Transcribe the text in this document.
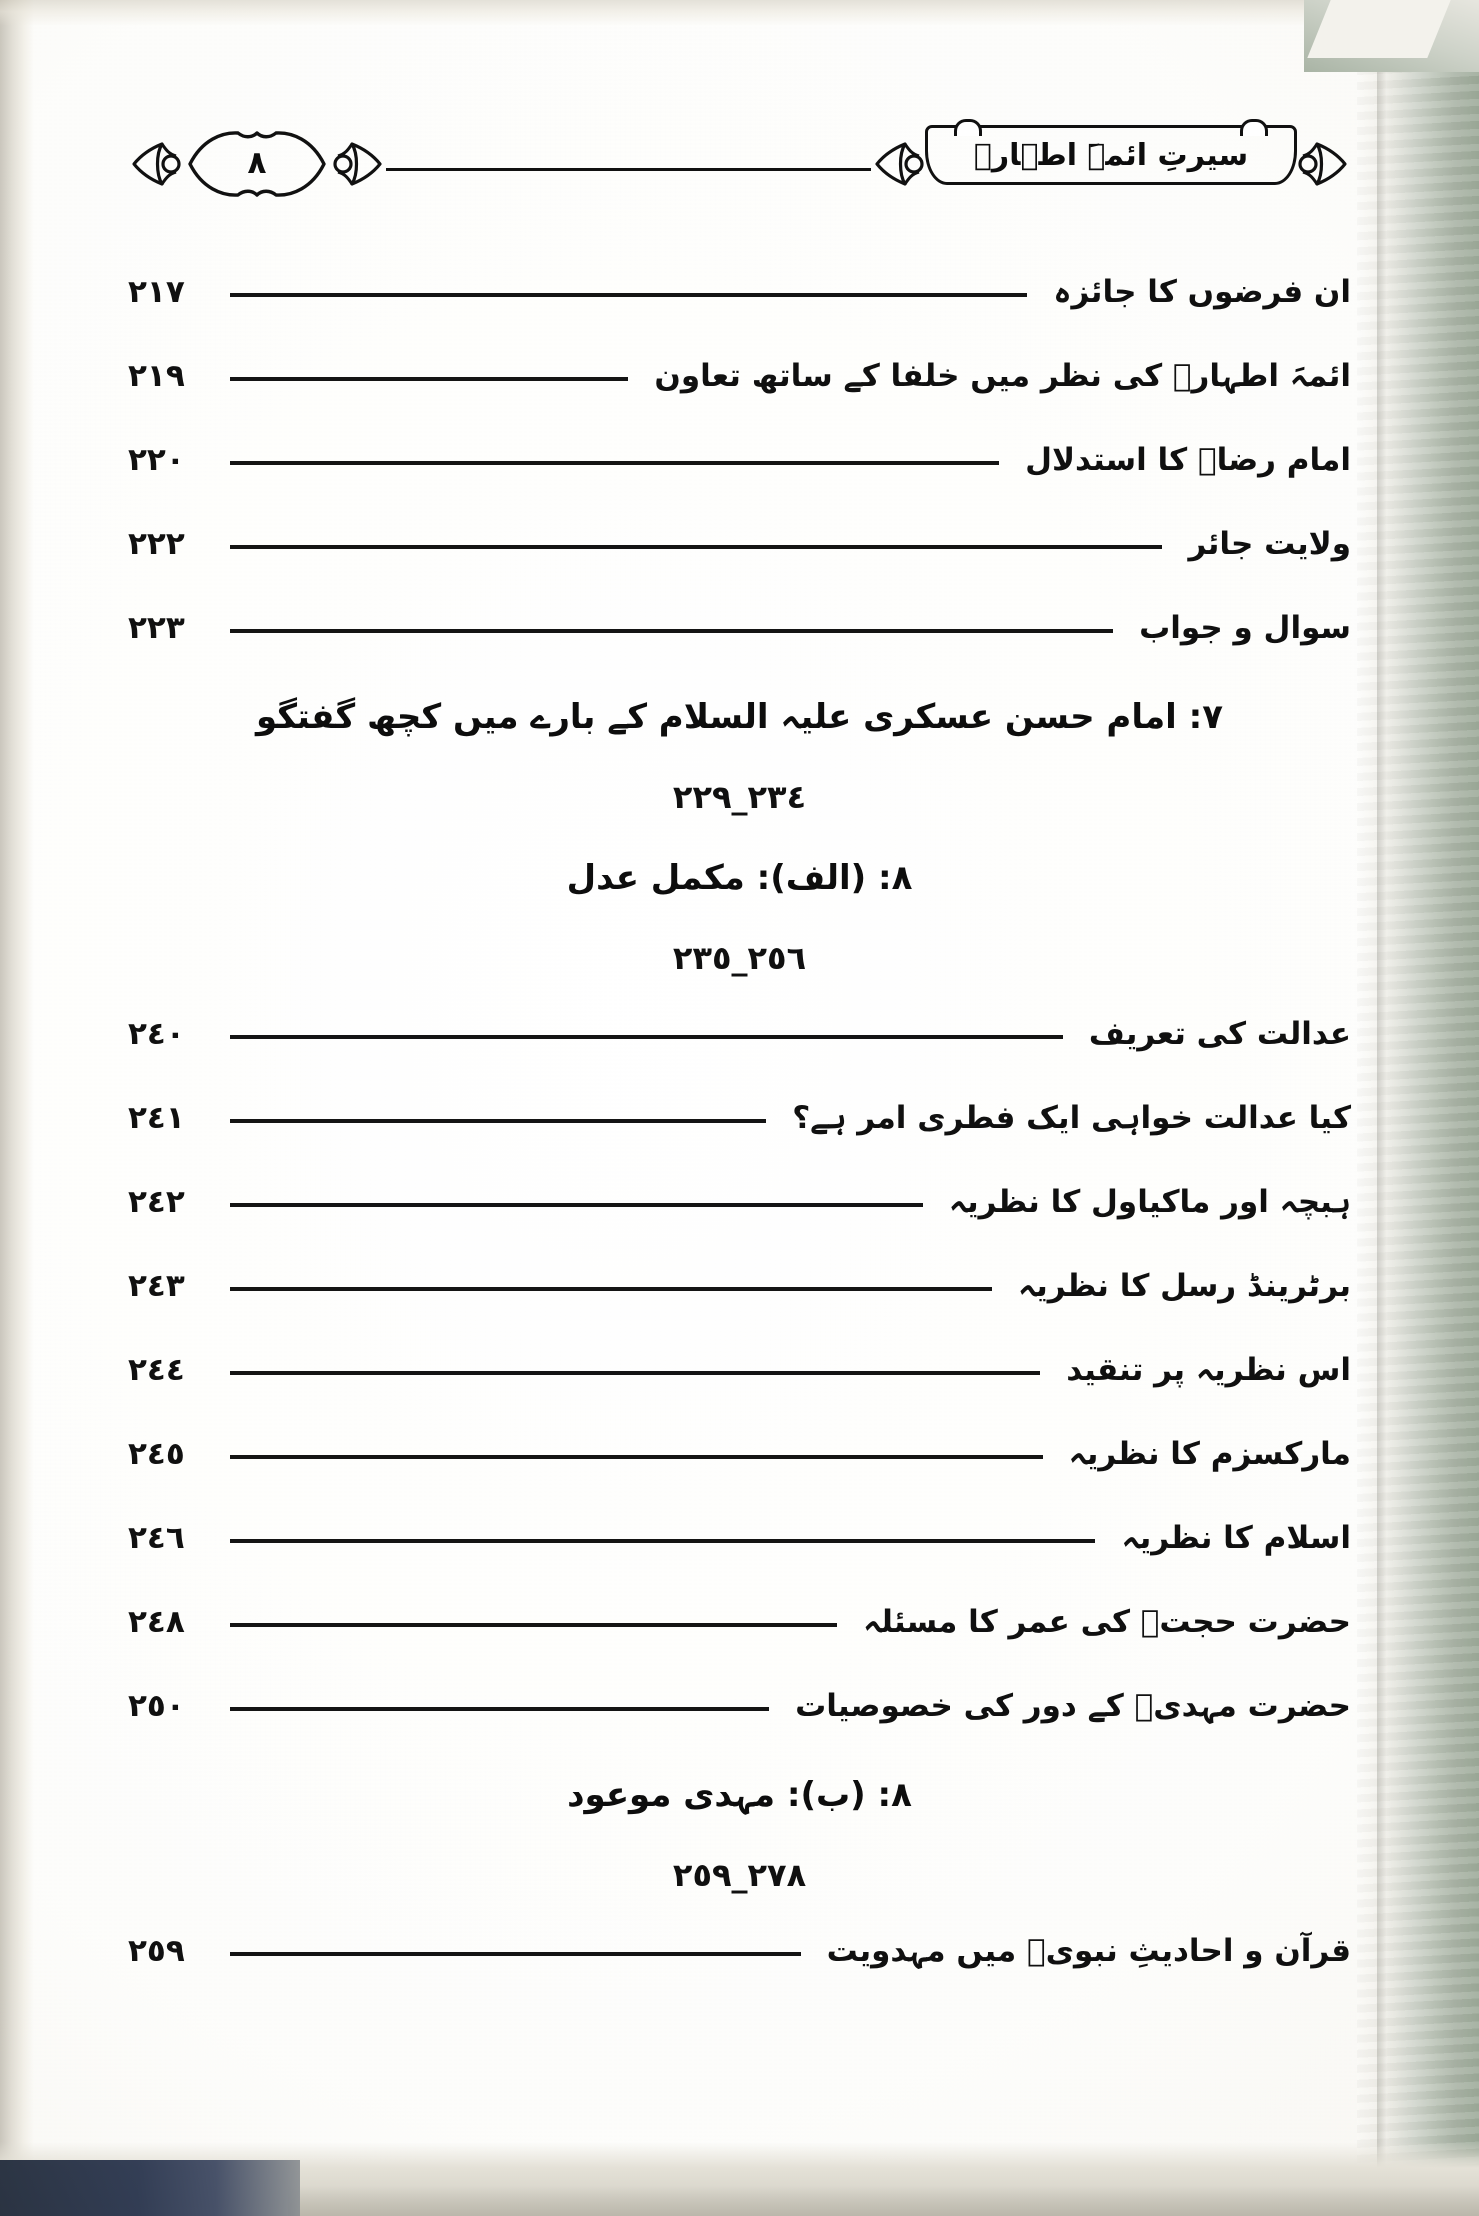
سیرتِ ائمہَ اطہارؑ
٨
ان فرضوں کا جائزہ
٢١٧
ائمہَ اطہارؑ کی نظر میں خلفا کے ساتھ تعاون
٢١٩
امام رضاؑ کا استدلال
٢٢٠
ولایت جائر
٢٢٢
سوال و جواب
٢٢٣
٧: امام حسن عسکری علیہ السلام کے بارے میں کچھ گفتگو
٢٣٤_٢٢٩
٨: (الف): مکمل عدل
٢٥٦_٢٣٥
عدالت کی تعریف
٢٤٠
کیا عدالت خواہی ایک فطری امر ہے؟
٢٤١
ہبچہ اور ماکیاول کا نظریہ
٢٤٢
برٹرینڈ رسل کا نظریہ
٢٤٣
اس نظریہ پر تنقید
٢٤٤
مارکسزم کا نظریہ
٢٤٥
اسلام کا نظریہ
٢٤٦
حضرت حجتؑ کی عمر کا مسئلہ
٢٤٨
حضرت مہدیؑ کے دور کی خصوصیات
٢٥٠
٨: (ب): مہدی موعود
٢٧٨_٢٥٩
قرآن و احادیثِ نبویؐ میں مہدویت
٢٥٩
